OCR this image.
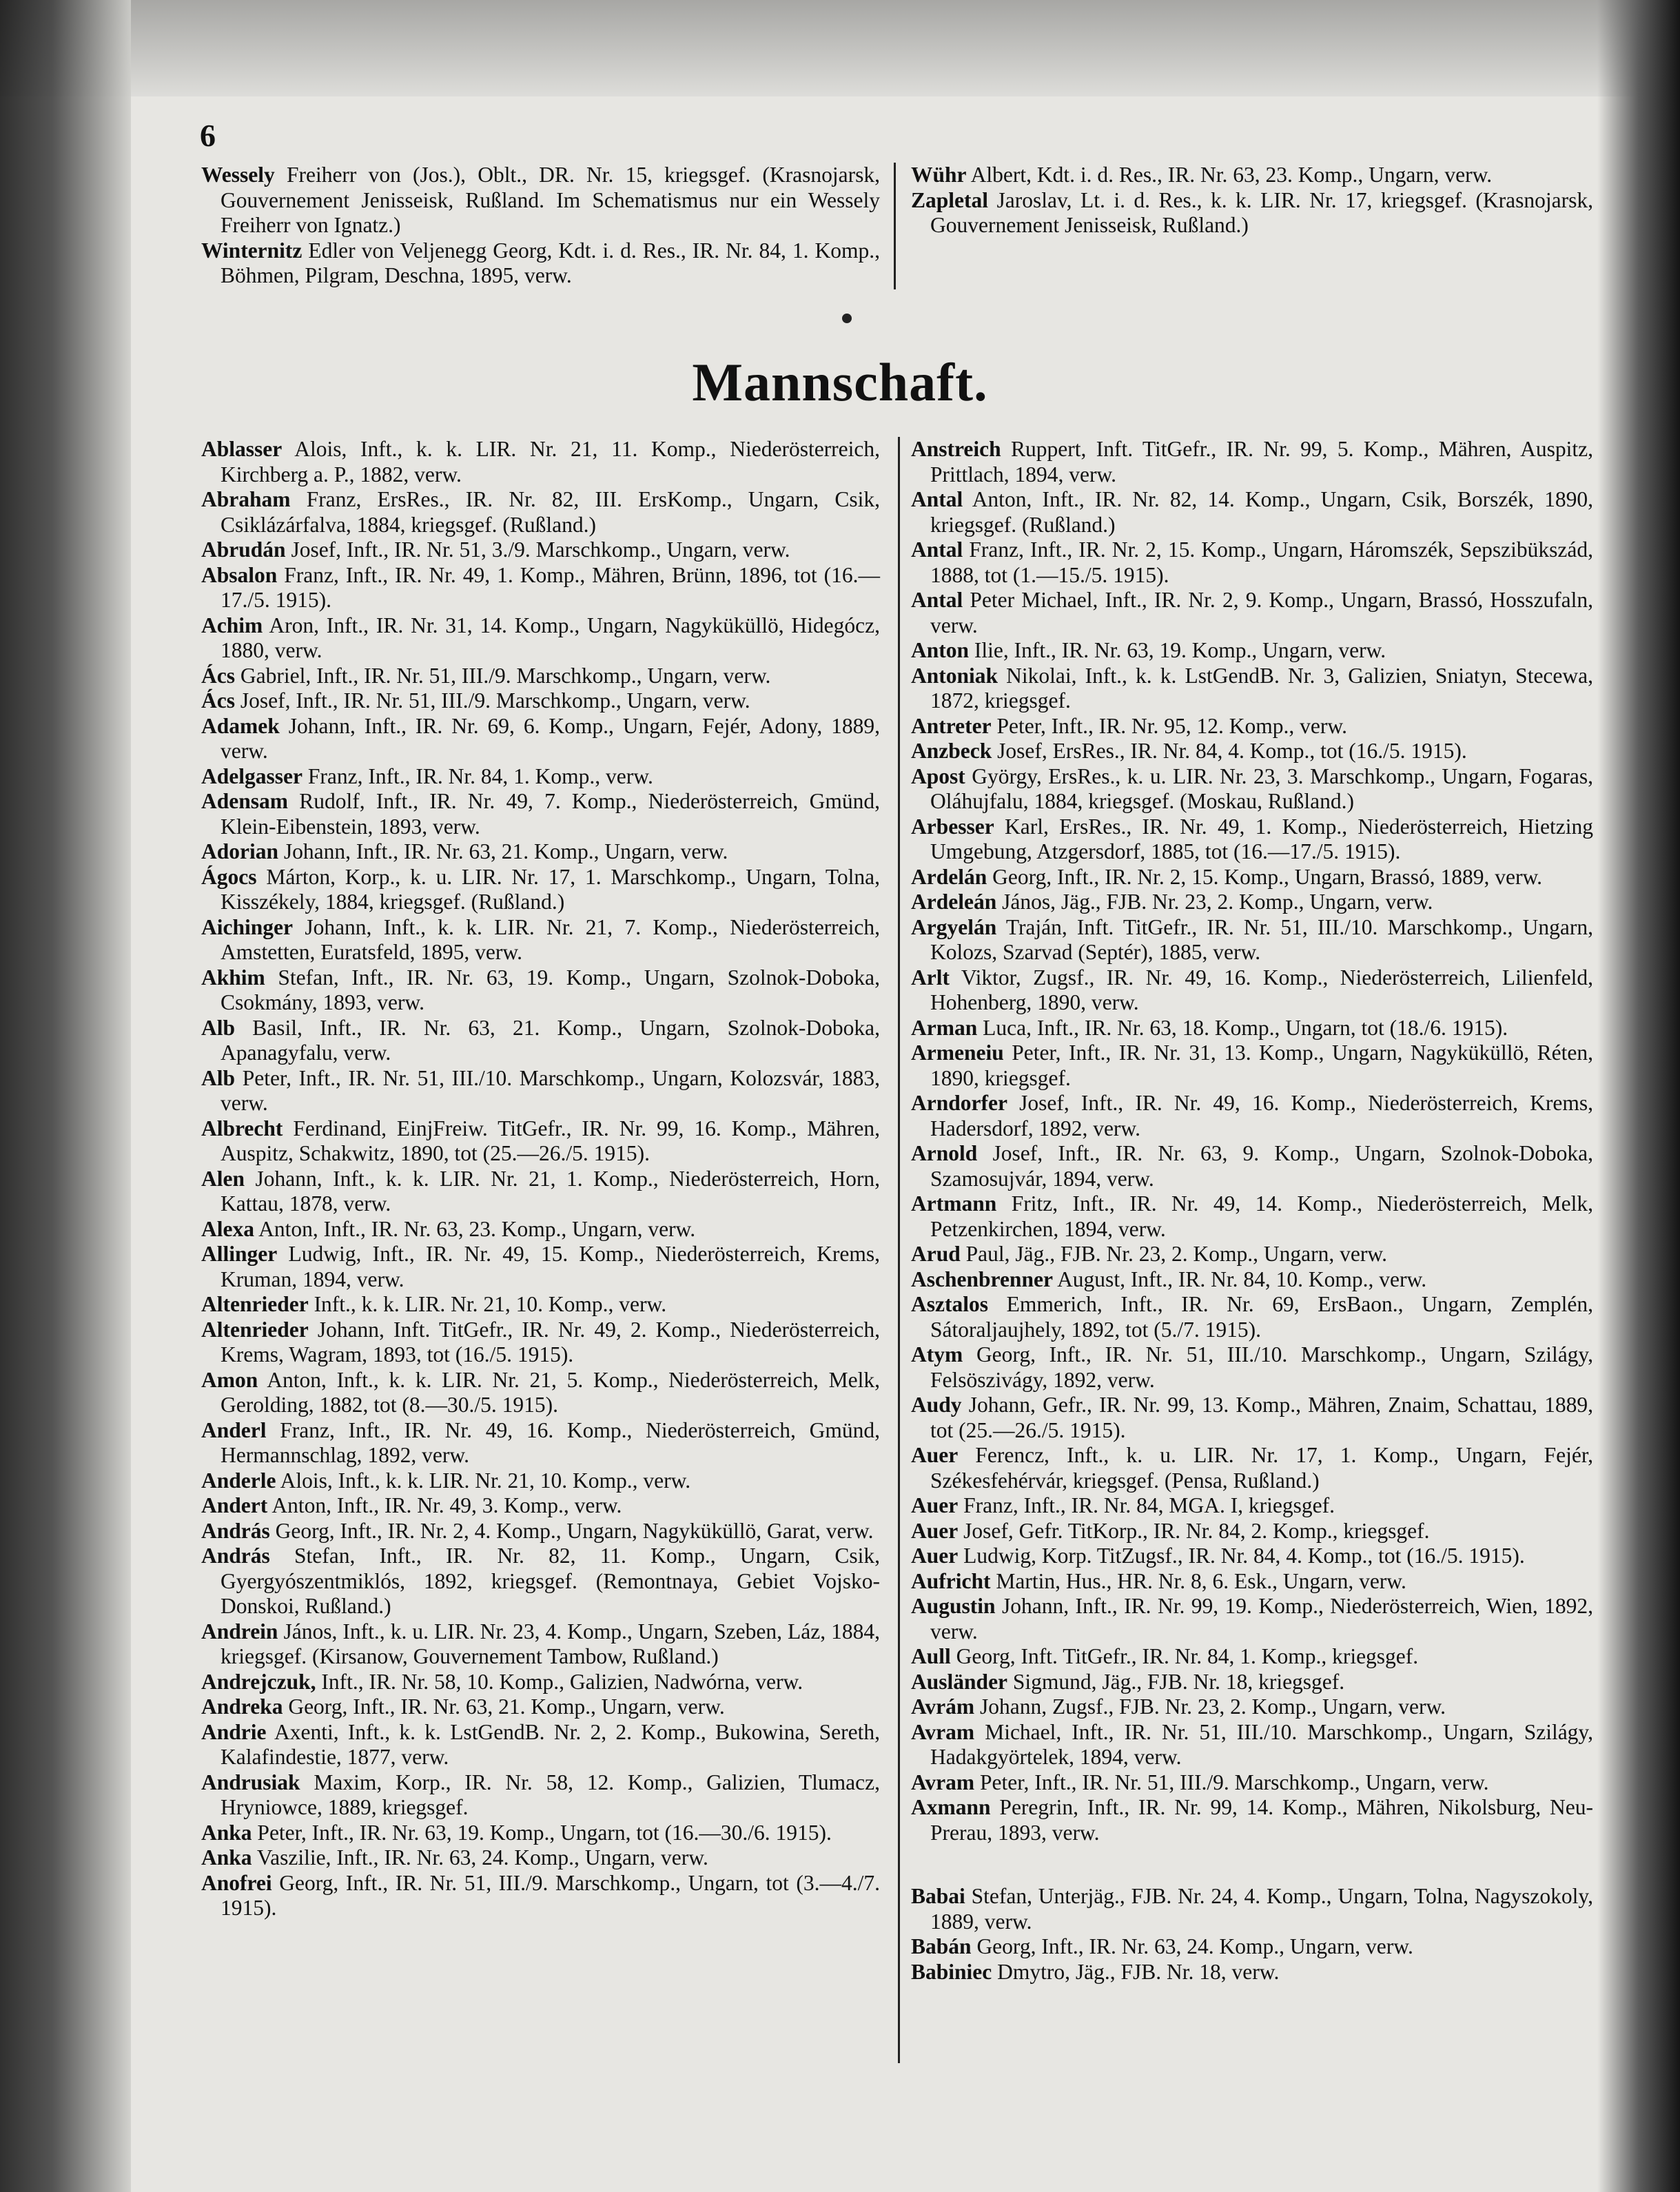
6

Wessely Freiherr von (Jos.), Oblt., DR. Nr. 15, kriegsgef. (Krasnojarsk, Gouvernement Jenisseisk, Rußland. Im Schematismus nur ein Wessely Freiherr von Ignatz.)

Winternitz Edler von Veljenegg Georg, Kdt. i. d. Res., IR. Nr. 84, 1. Komp., Böhmen, Pilgram, Deschna, 1895, verw.

Wühr Albert, Kdt. i. d. Res., IR. Nr. 63, 23. Komp., Ungarn, verw.

Zapletal Jaroslav, Lt. i. d. Res., k. k. LIR. Nr. 17, kriegsgef. (Krasnojarsk, Gouvernement Jenisseisk, Rußland.)

Mannschaft.

Ablasser Alois, Inft., k. k. LIR. Nr. 21, 11. Komp., Niederösterreich, Kirchberg a. P., 1882, verw.

Abraham Franz, ErsRes., IR. Nr. 82, III. ErsKomp., Ungarn, Csik, Csiklázárfalva, 1884, kriegsgef. (Rußland.)

Abrudán Josef, Inft., IR. Nr. 51, 3./9. Marschkomp., Ungarn, verw.

Absalon Franz, Inft., IR. Nr. 49, 1. Komp., Mähren, Brünn, 1896, tot (16.—17./5. 1915).

Achim Aron, Inft., IR. Nr. 31, 14. Komp., Ungarn, Nagyküküllö, Hidegócz, 1880, verw.

Ács Gabriel, Inft., IR. Nr. 51, III./9. Marschkomp., Ungarn, verw.

Ács Josef, Inft., IR. Nr. 51, III./9. Marschkomp., Ungarn, verw.

Adamek Johann, Inft., IR. Nr. 69, 6. Komp., Ungarn, Fejér, Adony, 1889, verw.

Adelgasser Franz, Inft., IR. Nr. 84, 1. Komp., verw.

Adensam Rudolf, Inft., IR. Nr. 49, 7. Komp., Niederösterreich, Gmünd, Klein-Eibenstein, 1893, verw.

Adorian Johann, Inft., IR. Nr. 63, 21. Komp., Ungarn, verw.

Ágocs Márton, Korp., k. u. LIR. Nr. 17, 1. Marschkomp., Ungarn, Tolna, Kisszékely, 1884, kriegsgef. (Rußland.)

Aichinger Johann, Inft., k. k. LIR. Nr. 21, 7. Komp., Niederösterreich, Amstetten, Euratsfeld, 1895, verw.

Akhim Stefan, Inft., IR. Nr. 63, 19. Komp., Ungarn, Szolnok-Doboka, Csokmány, 1893, verw.

Alb Basil, Inft., IR. Nr. 63, 21. Komp., Ungarn, Szolnok-Doboka, Apanagyfalu, verw.

Alb Peter, Inft., IR. Nr. 51, III./10. Marschkomp., Ungarn, Kolozsvár, 1883, verw.

Albrecht Ferdinand, EinjFreiw. TitGefr., IR. Nr. 99, 16. Komp., Mähren, Auspitz, Schakwitz, 1890, tot (25.—26./5. 1915).

Alen Johann, Inft., k. k. LIR. Nr. 21, 1. Komp., Niederösterreich, Horn, Kattau, 1878, verw.

Alexa Anton, Inft., IR. Nr. 63, 23. Komp., Ungarn, verw.

Allinger Ludwig, Inft., IR. Nr. 49, 15. Komp., Niederösterreich, Krems, Kruman, 1894, verw.

Altenrieder Inft., k. k. LIR. Nr. 21, 10. Komp., verw.

Altenrieder Johann, Inft. TitGefr., IR. Nr. 49, 2. Komp., Niederösterreich, Krems, Wagram, 1893, tot (16./5. 1915).

Amon Anton, Inft., k. k. LIR. Nr. 21, 5. Komp., Niederösterreich, Melk, Gerolding, 1882, tot (8.—30./5. 1915).

Anderl Franz, Inft., IR. Nr. 49, 16. Komp., Niederösterreich, Gmünd, Hermannschlag, 1892, verw.

Anderle Alois, Inft., k. k. LIR. Nr. 21, 10. Komp., verw.

Andert Anton, Inft., IR. Nr. 49, 3. Komp., verw.

András Georg, Inft., IR. Nr. 2, 4. Komp., Ungarn, Nagyküküllö, Garat, verw.

András Stefan, Inft., IR. Nr. 82, 11. Komp., Ungarn, Csik, Gyergyószentmiklós, 1892, kriegsgef. (Remontnaya, Gebiet Vojsko-Donskoi, Rußland.)

Andrein János, Inft., k. u. LIR. Nr. 23, 4. Komp., Ungarn, Szeben, Láz, 1884, kriegsgef. (Kirsanow, Gouvernement Tambow, Rußland.)

Andrejczuk, Inft., IR. Nr. 58, 10. Komp., Galizien, Nadwórna, verw.

Andreka Georg, Inft., IR. Nr. 63, 21. Komp., Ungarn, verw.

Andrie Axenti, Inft., k. k. LstGendB. Nr. 2, 2. Komp., Bukowina, Sereth, Kalafindestie, 1877, verw.

Andrusiak Maxim, Korp., IR. Nr. 58, 12. Komp., Galizien, Tlumacz, Hryniowce, 1889, kriegsgef.

Anka Peter, Inft., IR. Nr. 63, 19. Komp., Ungarn, tot (16.—30./6. 1915).

Anka Vaszilie, Inft., IR. Nr. 63, 24. Komp., Ungarn, verw.

Anofrei Georg, Inft., IR. Nr. 51, III./9. Marschkomp., Ungarn, tot (3.—4./7. 1915).

Anstreich Ruppert, Inft. TitGefr., IR. Nr. 99, 5. Komp., Mähren, Auspitz, Prittlach, 1894, verw.

Antal Anton, Inft., IR. Nr. 82, 14. Komp., Ungarn, Csik, Borszék, 1890, kriegsgef. (Rußland.)

Antal Franz, Inft., IR. Nr. 2, 15. Komp., Ungarn, Háromszék, Sepszibükszád, 1888, tot (1.—15./5. 1915).

Antal Peter Michael, Inft., IR. Nr. 2, 9. Komp., Ungarn, Brassó, Hosszufaln, verw.

Anton Ilie, Inft., IR. Nr. 63, 19. Komp., Ungarn, verw.

Antoniak Nikolai, Inft., k. k. LstGendB. Nr. 3, Galizien, Sniatyn, Stecewa, 1872, kriegsgef.

Antreter Peter, Inft., IR. Nr. 95, 12. Komp., verw.

Anzbeck Josef, ErsRes., IR. Nr. 84, 4. Komp., tot (16./5. 1915).

Apost György, ErsRes., k. u. LIR. Nr. 23, 3. Marschkomp., Ungarn, Fogaras, Oláhujfalu, 1884, kriegsgef. (Moskau, Rußland.)

Arbesser Karl, ErsRes., IR. Nr. 49, 1. Komp., Niederösterreich, Hietzing Umgebung, Atzgersdorf, 1885, tot (16.—17./5. 1915).

Ardelán Georg, Inft., IR. Nr. 2, 15. Komp., Ungarn, Brassó, 1889, verw.

Ardeleán János, Jäg., FJB. Nr. 23, 2. Komp., Ungarn, verw.

Argyelán Traján, Inft. TitGefr., IR. Nr. 51, III./10. Marschkomp., Ungarn, Kolozs, Szarvad (Septér), 1885, verw.

Arlt Viktor, Zugsf., IR. Nr. 49, 16. Komp., Niederösterreich, Lilienfeld, Hohenberg, 1890, verw.

Arman Luca, Inft., IR. Nr. 63, 18. Komp., Ungarn, tot (18./6. 1915).

Armeneiu Peter, Inft., IR. Nr. 31, 13. Komp., Ungarn, Nagyküküllö, Réten, 1890, kriegsgef.

Arndorfer Josef, Inft., IR. Nr. 49, 16. Komp., Niederösterreich, Krems, Hadersdorf, 1892, verw.

Arnold Josef, Inft., IR. Nr. 63, 9. Komp., Ungarn, Szolnok-Doboka, Szamosujvár, 1894, verw.

Artmann Fritz, Inft., IR. Nr. 49, 14. Komp., Niederösterreich, Melk, Petzenkirchen, 1894, verw.

Arud Paul, Jäg., FJB. Nr. 23, 2. Komp., Ungarn, verw.

Aschenbrenner August, Inft., IR. Nr. 84, 10. Komp., verw.

Asztalos Emmerich, Inft., IR. Nr. 69, ErsBaon., Ungarn, Zemplén, Sátoraljaujhely, 1892, tot (5./7. 1915).

Atym Georg, Inft., IR. Nr. 51, III./10. Marschkomp., Ungarn, Szilágy, Felsöszivágy, 1892, verw.

Audy Johann, Gefr., IR. Nr. 99, 13. Komp., Mähren, Znaim, Schattau, 1889, tot (25.—26./5. 1915).

Auer Ferencz, Inft., k. u. LIR. Nr. 17, 1. Komp., Ungarn, Fejér, Székesfehérvár, kriegsgef. (Pensa, Rußland.)

Auer Franz, Inft., IR. Nr. 84, MGA. I, kriegsgef.

Auer Josef, Gefr. TitKorp., IR. Nr. 84, 2. Komp., kriegsgef.

Auer Ludwig, Korp. TitZugsf., IR. Nr. 84, 4. Komp., tot (16./5. 1915).

Aufricht Martin, Hus., HR. Nr. 8, 6. Esk., Ungarn, verw.

Augustin Johann, Inft., IR. Nr. 99, 19. Komp., Niederösterreich, Wien, 1892, verw.

Aull Georg, Inft. TitGefr., IR. Nr. 84, 1. Komp., kriegsgef.

Ausländer Sigmund, Jäg., FJB. Nr. 18, kriegsgef.

Avrám Johann, Zugsf., FJB. Nr. 23, 2. Komp., Ungarn, verw.

Avram Michael, Inft., IR. Nr. 51, III./10. Marschkomp., Ungarn, Szilágy, Hadakgyörtelek, 1894, verw.

Avram Peter, Inft., IR. Nr. 51, III./9. Marschkomp., Ungarn, verw.

Axmann Peregrin, Inft., IR. Nr. 99, 14. Komp., Mähren, Nikolsburg, Neu-Prerau, 1893, verw.

Babai Stefan, Unterjäg., FJB. Nr. 24, 4. Komp., Ungarn, Tolna, Nagyszokoly, 1889, verw.

Babán Georg, Inft., IR. Nr. 63, 24. Komp., Ungarn, verw.

Babiniec Dmytro, Jäg., FJB. Nr. 18, verw.
